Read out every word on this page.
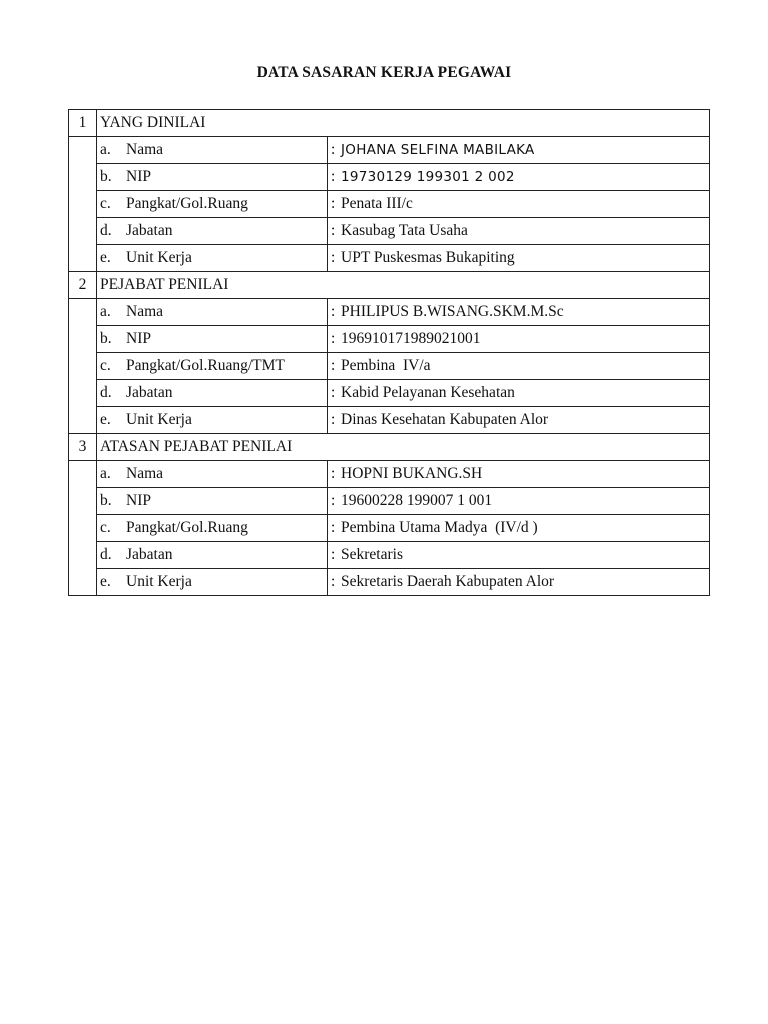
DATA SASARAN KERJA PEGAWAI
1	YANG DINILAI	
	a. Nama	: JOHANA SELFINA MABILAKA
	b. NIP	: 19730129 199301 2 002
	c. Pangkat/Gol.Ruang	: Penata III/c
	d. Jabatan	: Kasubag Tata Usaha
	e. Unit Kerja	: UPT Puskesmas Bukapiting
2	PEJABAT PENILAI	
	a. Nama	: PHILIPUS B.WISANG.SKM.M.Sc
	b. NIP	: 196910171989021001
	c. Pangkat/Gol.Ruang/TMT	: Pembina  IV/a
	d. Jabatan	: Kabid Pelayanan Kesehatan
	e. Unit Kerja	: Dinas Kesehatan Kabupaten Alor
3	ATASAN PEJABAT PENILAI	
	a. Nama	: HOPNI BUKANG.SH
	b. NIP	: 19600228 199007 1 001
	c. Pangkat/Gol.Ruang	: Pembina Utama Madya  (IV/d )
	d. Jabatan	: Sekretaris
	e. Unit Kerja	: Sekretaris Daerah Kabupaten Alor
